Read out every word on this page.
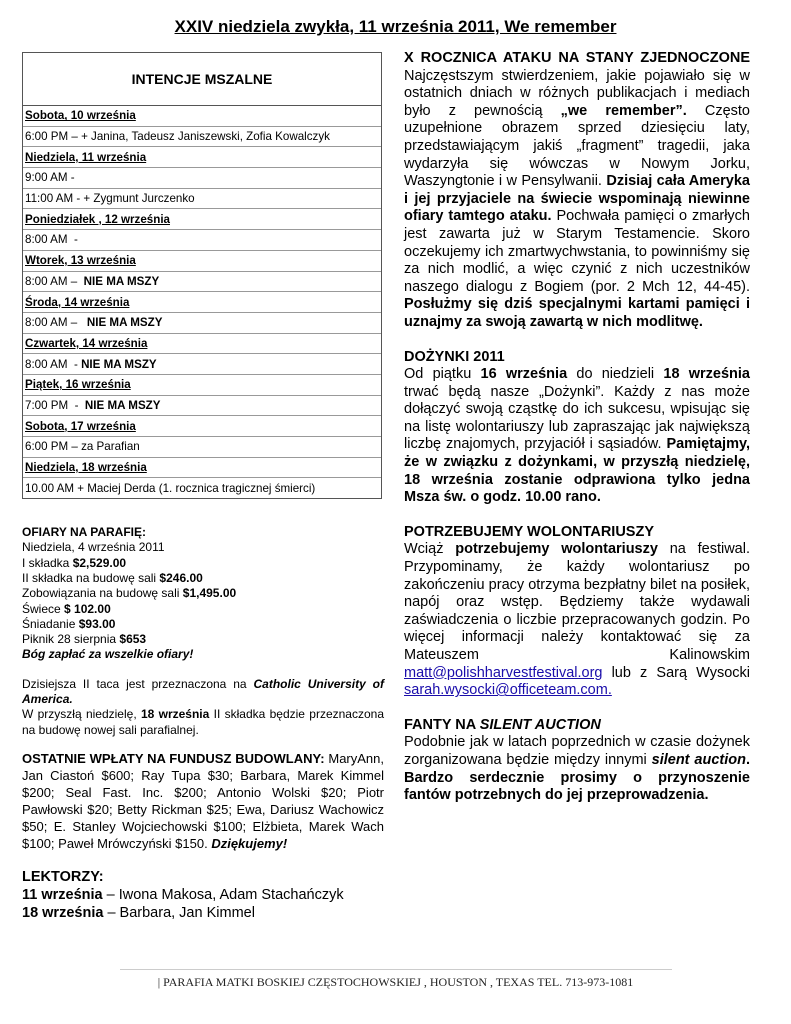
XXIV niedziela zwykła, 11 września 2011, We remember
INTENCJE MSZALNE
Sobota, 10 września
6:00 PM – + Janina, Tadeusz Janiszewski, Zofia Kowalczyk
Niedziela, 11 września
9:00 AM -
11:00 AM - + Zygmunt Jurczenko
Poniedziałek , 12 września
8:00 AM  -
Wtorek, 13 września
8:00 AM – NIE MA MSZY
Środa, 14 września
8:00 AM – NIE MA MSZY
Czwartek, 14 września
8:00 AM  - NIE MA MSZY
Piątek, 16 września
7:00 PM  - NIE MA MSZY
Sobota, 17 września
6:00 PM – za Parafian
Niedziela, 18 września
10.00 AM + Maciej Derda (1. rocznica tragicznej śmierci)
OFIARY NA PARAFIĘ:
Niedziela, 4 września 2011
I składka $2,529.00
II składka na budowę sali $246.00
Zobowiązania na budowę sali $1,495.00
Świece $ 102.00
Śniadanie $93.00
Piknik 28 sierpnia $653
Bóg zapłać za wszelkie ofiary!
Dzisiejsza II taca jest przeznaczona na Catholic University of America.
W przyszłą niedzielę, 18 września II składka będzie przeznaczona na budowę nowej sali parafialnej.
OSTATNIE WPŁATY NA FUNDUSZ BUDOWLANY: MaryAnn, Jan Ciastoń $600; Ray Tupa $30; Barbara, Marek Kimmel $200; Seal Fast. Inc. $200; Antonio Wolski $20; Piotr Pawłowski $20; Betty Rickman $25; Ewa, Dariusz Wachowicz $50; E. Stanley Wojciechowski $100; Elżbieta, Marek Wach $100; Paweł Mrówczyński $150. Dziękujemy!
LEKTORZY:
11 września – Iwona Makosa, Adam Stachańczyk
18 września – Barbara, Jan Kimmel

X ROCZNICA ATAKU NA STANY ZJEDNOCZONE

Najczęstszym stwierdzeniem, jakie pojawiało się w ostatnich dniach w różnych publikacjach i mediach było z pewnością „we remember”. Często uzupełnione obrazem sprzed dziesięciu laty, przedstawiającym jakiś „fragment” tragedii, jaka wydarzyła się wówczas w Nowym Jorku, Waszyngtonie i w Pensylwanii. Dzisiaj cała Ameryka i jej przyjaciele na świecie wspominają niewinne ofiary tamtego ataku. Pochwała pamięci o zmarłych jest zawarta już w Starym Testamencie. Skoro oczekujemy ich zmartwychwstania, to powinniśmy się za nich modlić, a więc czynić z nich uczestników naszego dialogu z Bogiem (por. 2 Mch 12, 44-45). Posłużmy się dziś specjalnymi kartami pamięci i uznajmy za swoją zawartą w nich modlitwę.

DOŻYNKI 2011

Od piątku 16 września do niedzieli 18 września trwać będą nasze „Dożynki”. Każdy z nas może dołączyć swoją cząstkę do ich sukcesu, wpisując się na listę wolontariuszy lub zapraszając jak największą liczbę znajomych, przyjaciół i sąsiadów. Pamiętajmy, że w związku z dożynkami, w przyszłą niedzielę, 18 września zostanie odprawiona tylko jedna Msza św. o godz. 10.00 rano.

POTRZEBUJEMY WOLONTARIUSZY

Wciąż potrzebujemy wolontariuszy na festiwal. Przypominamy, że każdy wolontariusz po zakończeniu pracy otrzyma bezpłatny bilet na posiłek, napój oraz wstęp. Będziemy także wydawali zaświadczenia o liczbie przepracowanych godzin. Po więcej informacji należy kontaktować się za Mateuszem Kalinowskim matt@polishharvestfestival.org lub z Sarą Wysocki sarah.wysocki@officeteam.com.

FANTY NA SILENT AUCTION

Podobnie jak w latach poprzednich w czasie dożynek zorganizowana będzie między innymi silent auction. Bardzo serdecznie prosimy o przynoszenie fantów potrzebnych do jej przeprowadzenia.

| PARAFIA MATKI BOSKIEJ CZĘSTOCHOWSKIEJ , HOUSTON , TEXAS TEL. 713-973-1081
